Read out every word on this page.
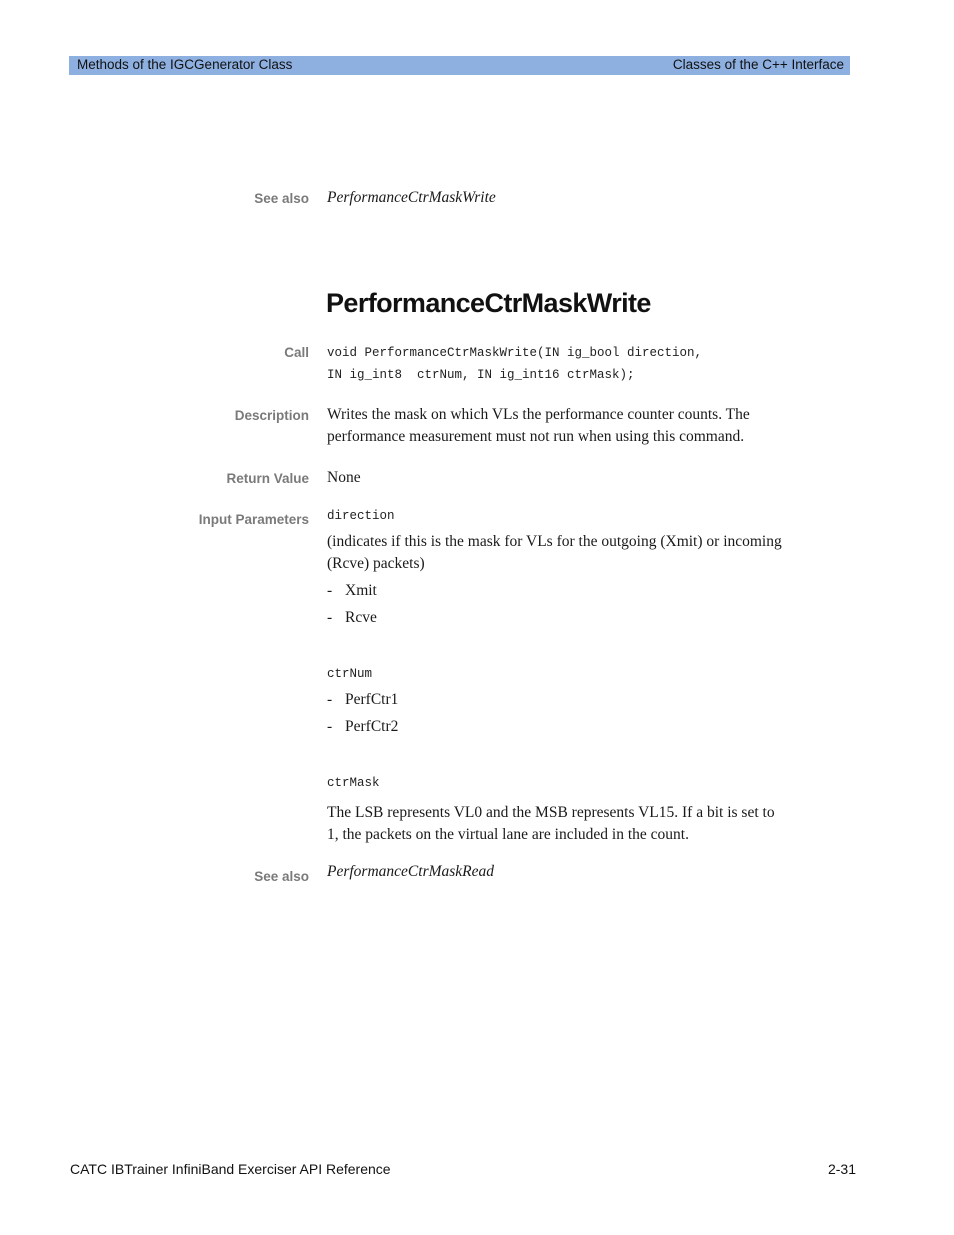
Methods of the IGCGenerator Class	Classes of the C++ Interface
See also PerformanceCtrMaskWrite
PerformanceCtrMaskWrite
Call void PerformanceCtrMaskWrite(IN ig_bool direction,
IN ig_int8  ctrNum, IN ig_int16 ctrMask);
Description Writes the mask on which VLs the performance counter counts. The
performance measurement must not run when using this command.
Return Value None
Input Parameters direction
(indicates if this is the mask for VLs for the outgoing (Xmit) or incoming
(Rcve) packets)
- Xmit
- Rcve
ctrNum
- PerfCtr1
- PerfCtr2
ctrMask
The LSB represents VL0 and the MSB represents VL15. If a bit is set to
1, the packets on the virtual lane are included in the count.
See also PerformanceCtrMaskRead
CATC IBTrainer InfiniBand Exerciser API Reference	2-31
